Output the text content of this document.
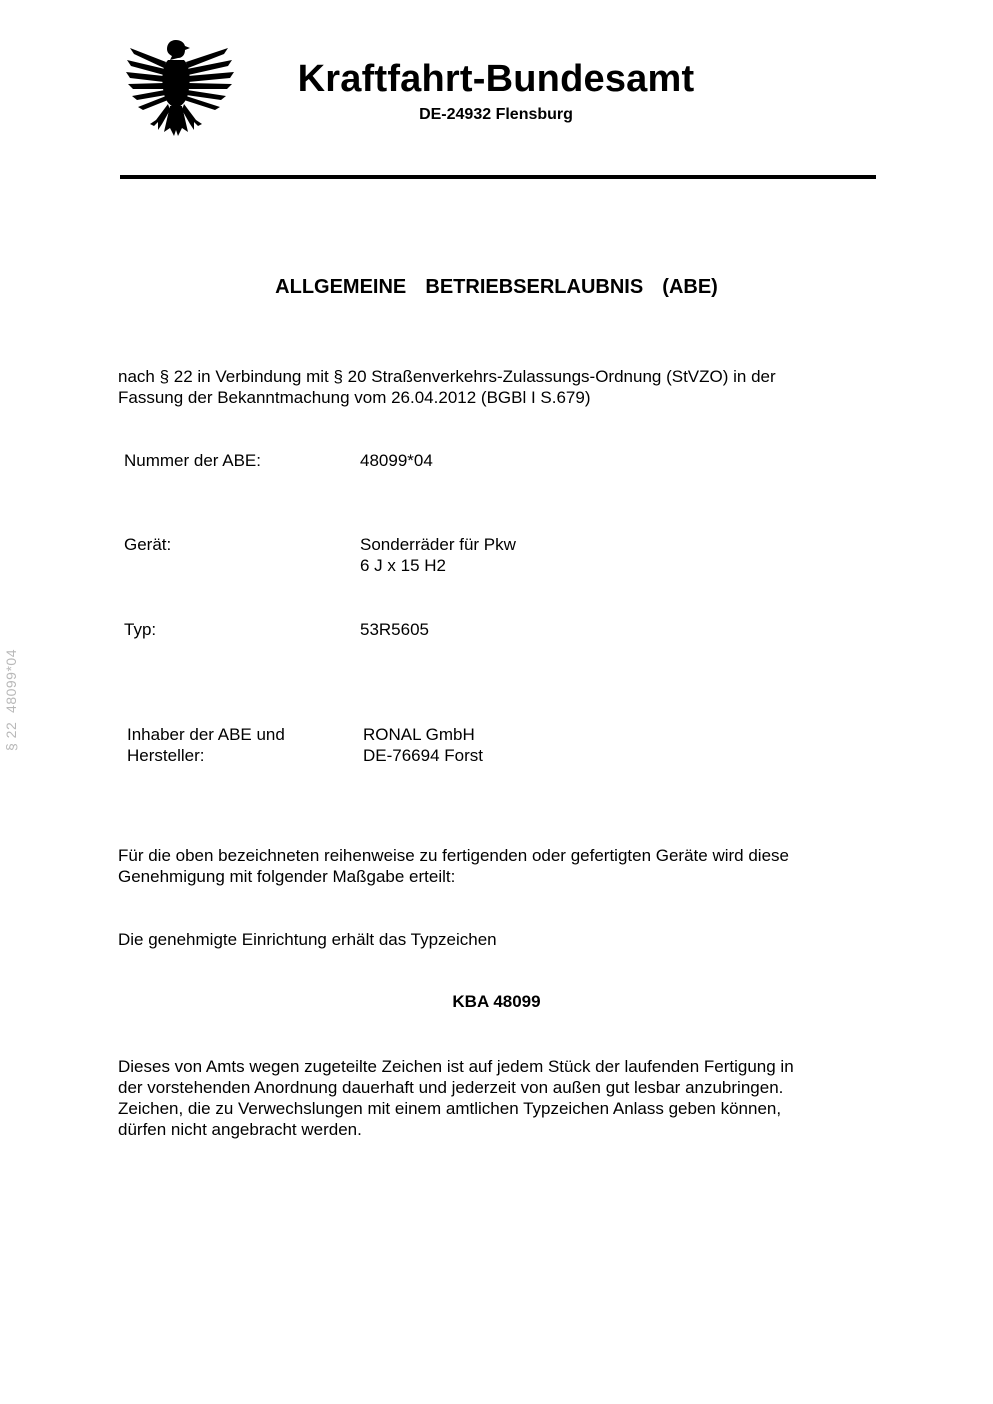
Kraftfahrt-Bundesamt
DE-24932 Flensburg
ALLGEMEINE  BETRIEBSERLAUBNIS  (ABE)
nach § 22 in Verbindung mit § 20 Straßenverkehrs-Zulassungs-Ordnung (StVZO) in der
Fassung der Bekanntmachung vom 26.04.2012 (BGBl I S.679)
Nummer der ABE:	48099*04
Gerät:	Sonderräder für Pkw
6 J x 15 H2
Typ:	53R5605
Inhaber der ABE und
Hersteller:
RONAL GmbH
DE-76694 Forst
Für die oben bezeichneten reihenweise zu fertigenden oder gefertigten Geräte wird diese
Genehmigung mit folgender Maßgabe erteilt:
Die genehmigte Einrichtung erhält das Typzeichen
KBA 48099
Dieses von Amts wegen zugeteilte Zeichen ist auf jedem Stück der laufenden Fertigung in
der vorstehenden Anordnung dauerhaft und jederzeit von außen gut lesbar anzubringen.
Zeichen, die zu Verwechslungen mit einem amtlichen Typzeichen Anlass geben können,
dürfen nicht angebracht werden.
§ 22  48099*04
